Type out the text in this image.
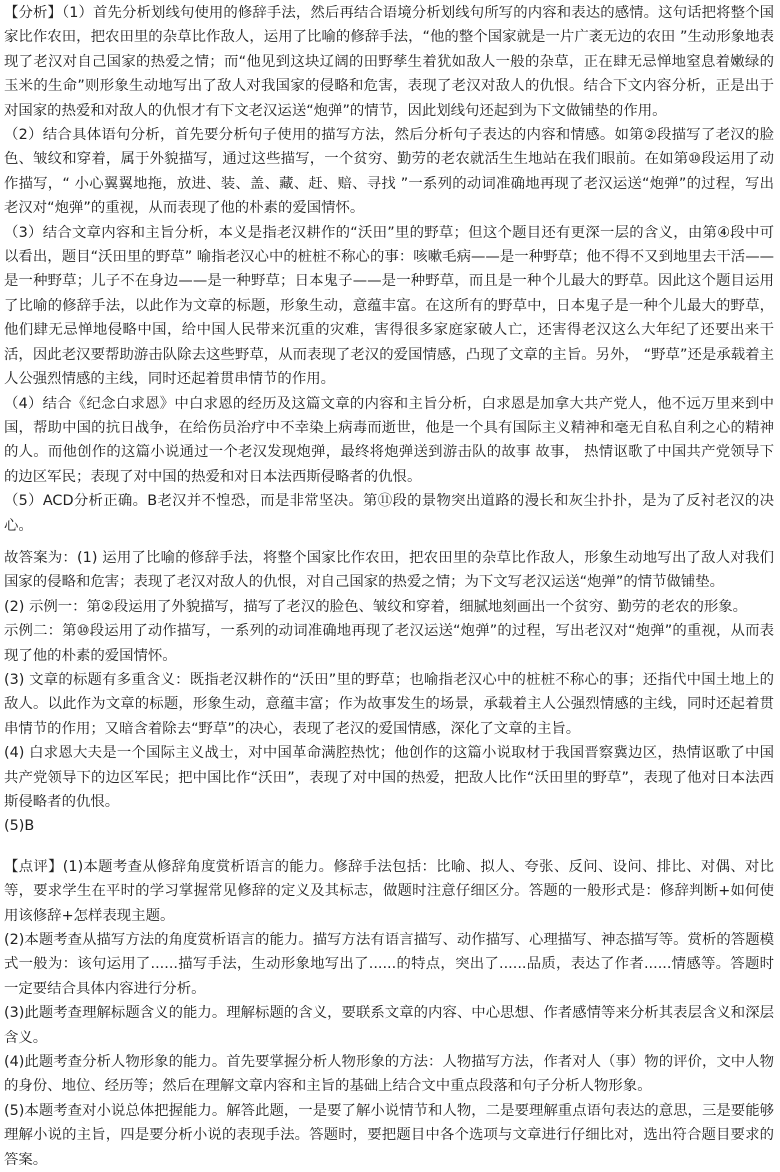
【分析】（1）首先分析划线句使用的修辞手法，然后再结合语境分析划线句所写的内容和表达的感情。这句话把将整个国家比作农田，把农田里的杂草比作敌人，运用了比喻的修辞手法，“他的整个国家就是一片广袤无边的农田 ”生动形象地表现了老汉对自己国家的热爱之情；而“他见到这块辽阔的田野孳生着犹如敌人一般的杂草，正在肆无忌惮地窒息着嫩绿的玉米的生命”则形象生动地写出了敌人对我国家的侵略和危害，表现了老汉对敌人的仇恨。结合下文内容分析，正是出于对国家的热爱和对敌人的仇恨才有下文老汉运送“炮弹”的情节，因此划线句还起到为下文做铺垫的作用。

（2）结合具体语句分析，首先要分析句子使用的描写方法，然后分析句子表达的内容和情感。如第②段描写了老汉的脸色、皱纹和穿着，属于外貌描写，通过这些描写，一个贫穷、勤劳的老农就活生生地站在我们眼前。在如第⑩段运用了动作描写，“ 小心翼翼地拖，放进、装、盖、藏、赶、赔、寻找 ”一系列的动词准确地再现了老汉运送“炮弹”的过程，写出老汉对“炮弹”的重视，从而表现了他的朴素的爱国情怀。

（3）结合文章内容和主旨分析，本义是指老汉耕作的“沃田”里的野草；但这个题目还有更深一层的含义，由第④段中可以看出，题目“沃田里的野草” 喻指老汉心中的桩桩不称心的事：咳嗽毛病——是一种野草；他不得不又到地里去干活——是一种野草；儿子不在身边——是一种野草；日本鬼子——是一种野草，而且是一种个儿最大的野草。因此这个题目运用了比喻的修辞手法，以此作为文章的标题，形象生动，意蕴丰富。在这所有的野草中，日本鬼子是一种个儿最大的野草，他们肆无忌惮地侵略中国，给中国人民带来沉重的灾难，害得很多家庭家破人亡，还害得老汉这么大年纪了还要出来干活，因此老汉要帮助游击队除去这些野草，从而表现了老汉的爱国情感，凸现了文章的主旨。另外， “野草”还是承载着主人公强烈情感的主线，同时还起着贯串情节的作用。

（4）结合《纪念白求恩》中白求恩的经历及这篇文章的内容和主旨分析，白求恩是加拿大共产党人，他不远万里来到中国，帮助中国的抗日战争，在给伤员治疗中不幸染上病毒而逝世，他是一个具有国际主义精神和毫无自私自利之心的精神的人。而他创作的这篇小说通过一个老汉发现炮弹，最终将炮弹送到游击队的故事 故事， 热情讴歌了中国共产党领导下的边区军民；表现了对中国的热爱和对日本法西斯侵略者的仇恨。

（5）ACD分析正确。B老汉并不惶恐，而是非常坚决。第⑪段的景物突出道路的漫长和灰尘扑扑，是为了反衬老汉的决心。

故答案为：(1) 运用了比喻的修辞手法，将整个国家比作农田，把农田里的杂草比作敌人，形象生动地写出了敌人对我们国家的侵略和危害；表现了老汉对敌人的仇恨，对自己国家的热爱之情；为下文写老汉运送“炮弹”的情节做铺垫。

(2) 示例一：第②段运用了外貌描写，描写了老汉的脸色、皱纹和穿着，细腻地刻画出一个贫穷、勤劳的老农的形象。

示例二：第⑩段运用了动作描写，一系列的动词准确地再现了老汉运送“炮弹”的过程，写出老汉对“炮弹”的重视，从而表现了他的朴素的爱国情怀。

(3) 文章的标题有多重含义：既指老汉耕作的“沃田”里的野草；也喻指老汉心中的桩桩不称心的事；还指代中国土地上的敌人。以此作为文章的标题，形象生动，意蕴丰富；作为故事发生的场景，承载着主人公强烈情感的主线，同时还起着贯串情节的作用；又暗含着除去“野草”的决心，表现了老汉的爱国情感，深化了文章的主旨。

(4) 白求恩大夫是一个国际主义战士，对中国革命满腔热忱；他创作的这篇小说取材于我国晋察冀边区，热情讴歌了中国共产党领导下的边区军民；把中国比作“沃田”，表现了对中国的热爱，把敌人比作“沃田里的野草”，表现了他对日本法西斯侵略者的仇恨。

(5)B

【点评】(1)本题考查从修辞角度赏析语言的能力。修辞手法包括：比喻、拟人、夸张、反问、设问、排比、对偶、对比等，要求学生在平时的学习掌握常见修辞的定义及其标志，做题时注意仔细区分。答题的一般形式是：修辞判断+如何使用该修辞+怎样表现主题。

(2)本题考查从描写方法的角度赏析语言的能力。描写方法有语言描写、动作描写、心理描写、神态描写等。赏析的答题模式一般为：该句运用了......描写手法，生动形象地写出了......的特点，突出了......品质，表达了作者......情感等。答题时一定要结合具体内容进行分析。

(3)此题考查理解标题含义的能力。理解标题的含义，要联系文章的内容、中心思想、作者感情等来分析其表层含义和深层含义。

(4)此题考查分析人物形象的能力。首先要掌握分析人物形象的方法：人物描写方法，作者对人（事）物的评价，文中人物的身份、地位、经历等；然后在理解文章内容和主旨的基础上结合文中重点段落和句子分析人物形象。

(5)本题考查对小说总体把握能力。解答此题，一是要了解小说情节和人物，二是要理解重点语句表达的意思，三是要能够理解小说的主旨，四是要分析小说的表现手法。答题时，要把题目中各个选项与文章进行仔细比对，选出符合题目要求的答案。
